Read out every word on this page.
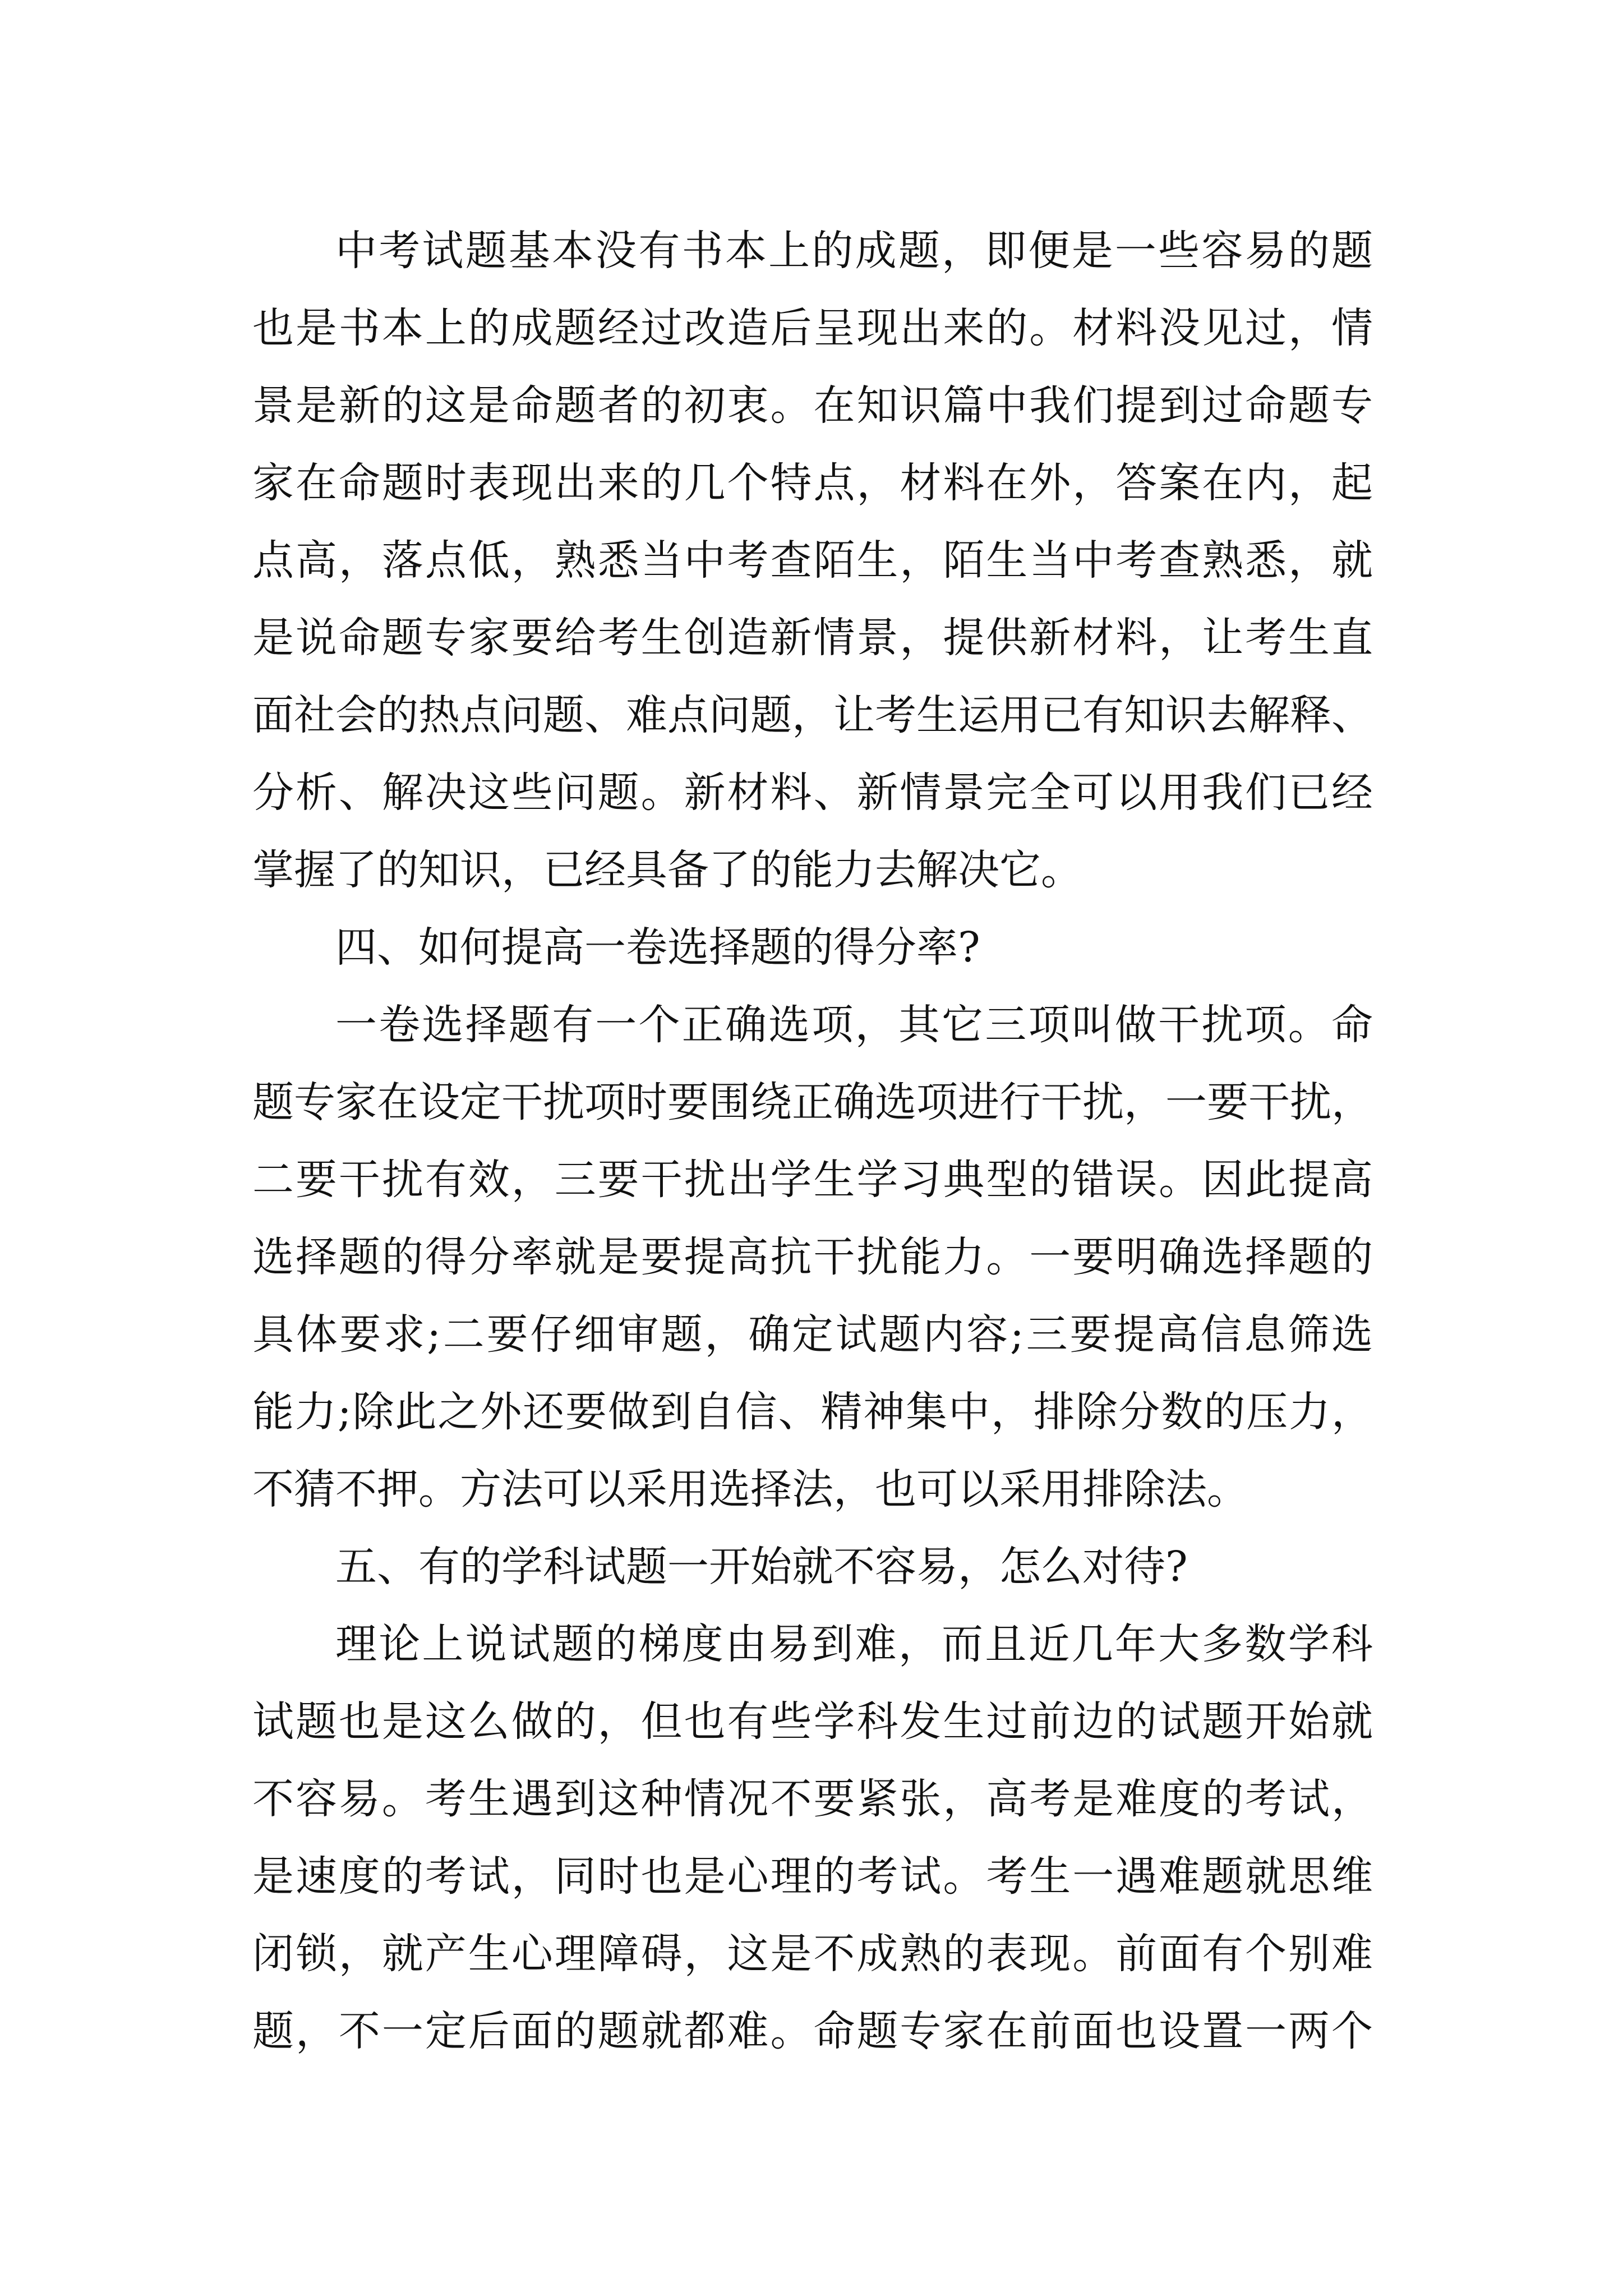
中考试题基本没有书本上的成题，即便是一些容易的题
也是书本上的成题经过改造后呈现出来的。材料没见过，情
景是新的这是命题者的初衷。在知识篇中我们提到过命题专
家在命题时表现出来的几个特点，材料在外，答案在内，起
点高，落点低，熟悉当中考查陌生，陌生当中考查熟悉，就
是说命题专家要给考生创造新情景，提供新材料，让考生直
面社会的热点问题、难点问题，让考生运用已有知识去解释、
分析、解决这些问题。新材料、新情景完全可以用我们已经
掌握了的知识，已经具备了的能力去解决它。
四、如何提高一卷选择题的得分率?
一卷选择题有一个正确选项，其它三项叫做干扰项。命
题专家在设定干扰项时要围绕正确选项进行干扰，一要干扰，
二要干扰有效，三要干扰出学生学习典型的错误。因此提高
选择题的得分率就是要提高抗干扰能力。一要明确选择题的
具体要求;二要仔细审题，确定试题内容;三要提高信息筛选
能力;除此之外还要做到自信、精神集中，排除分数的压力，
不猜不押。方法可以采用选择法，也可以采用排除法。
五、有的学科试题一开始就不容易，怎么对待?
理论上说试题的梯度由易到难，而且近几年大多数学科
试题也是这么做的，但也有些学科发生过前边的试题开始就
不容易。考生遇到这种情况不要紧张，高考是难度的考试，
是速度的考试，同时也是心理的考试。考生一遇难题就思维
闭锁，就产生心理障碍，这是不成熟的表现。前面有个别难
题，不一定后面的题就都难。命题专家在前面也设置一两个
